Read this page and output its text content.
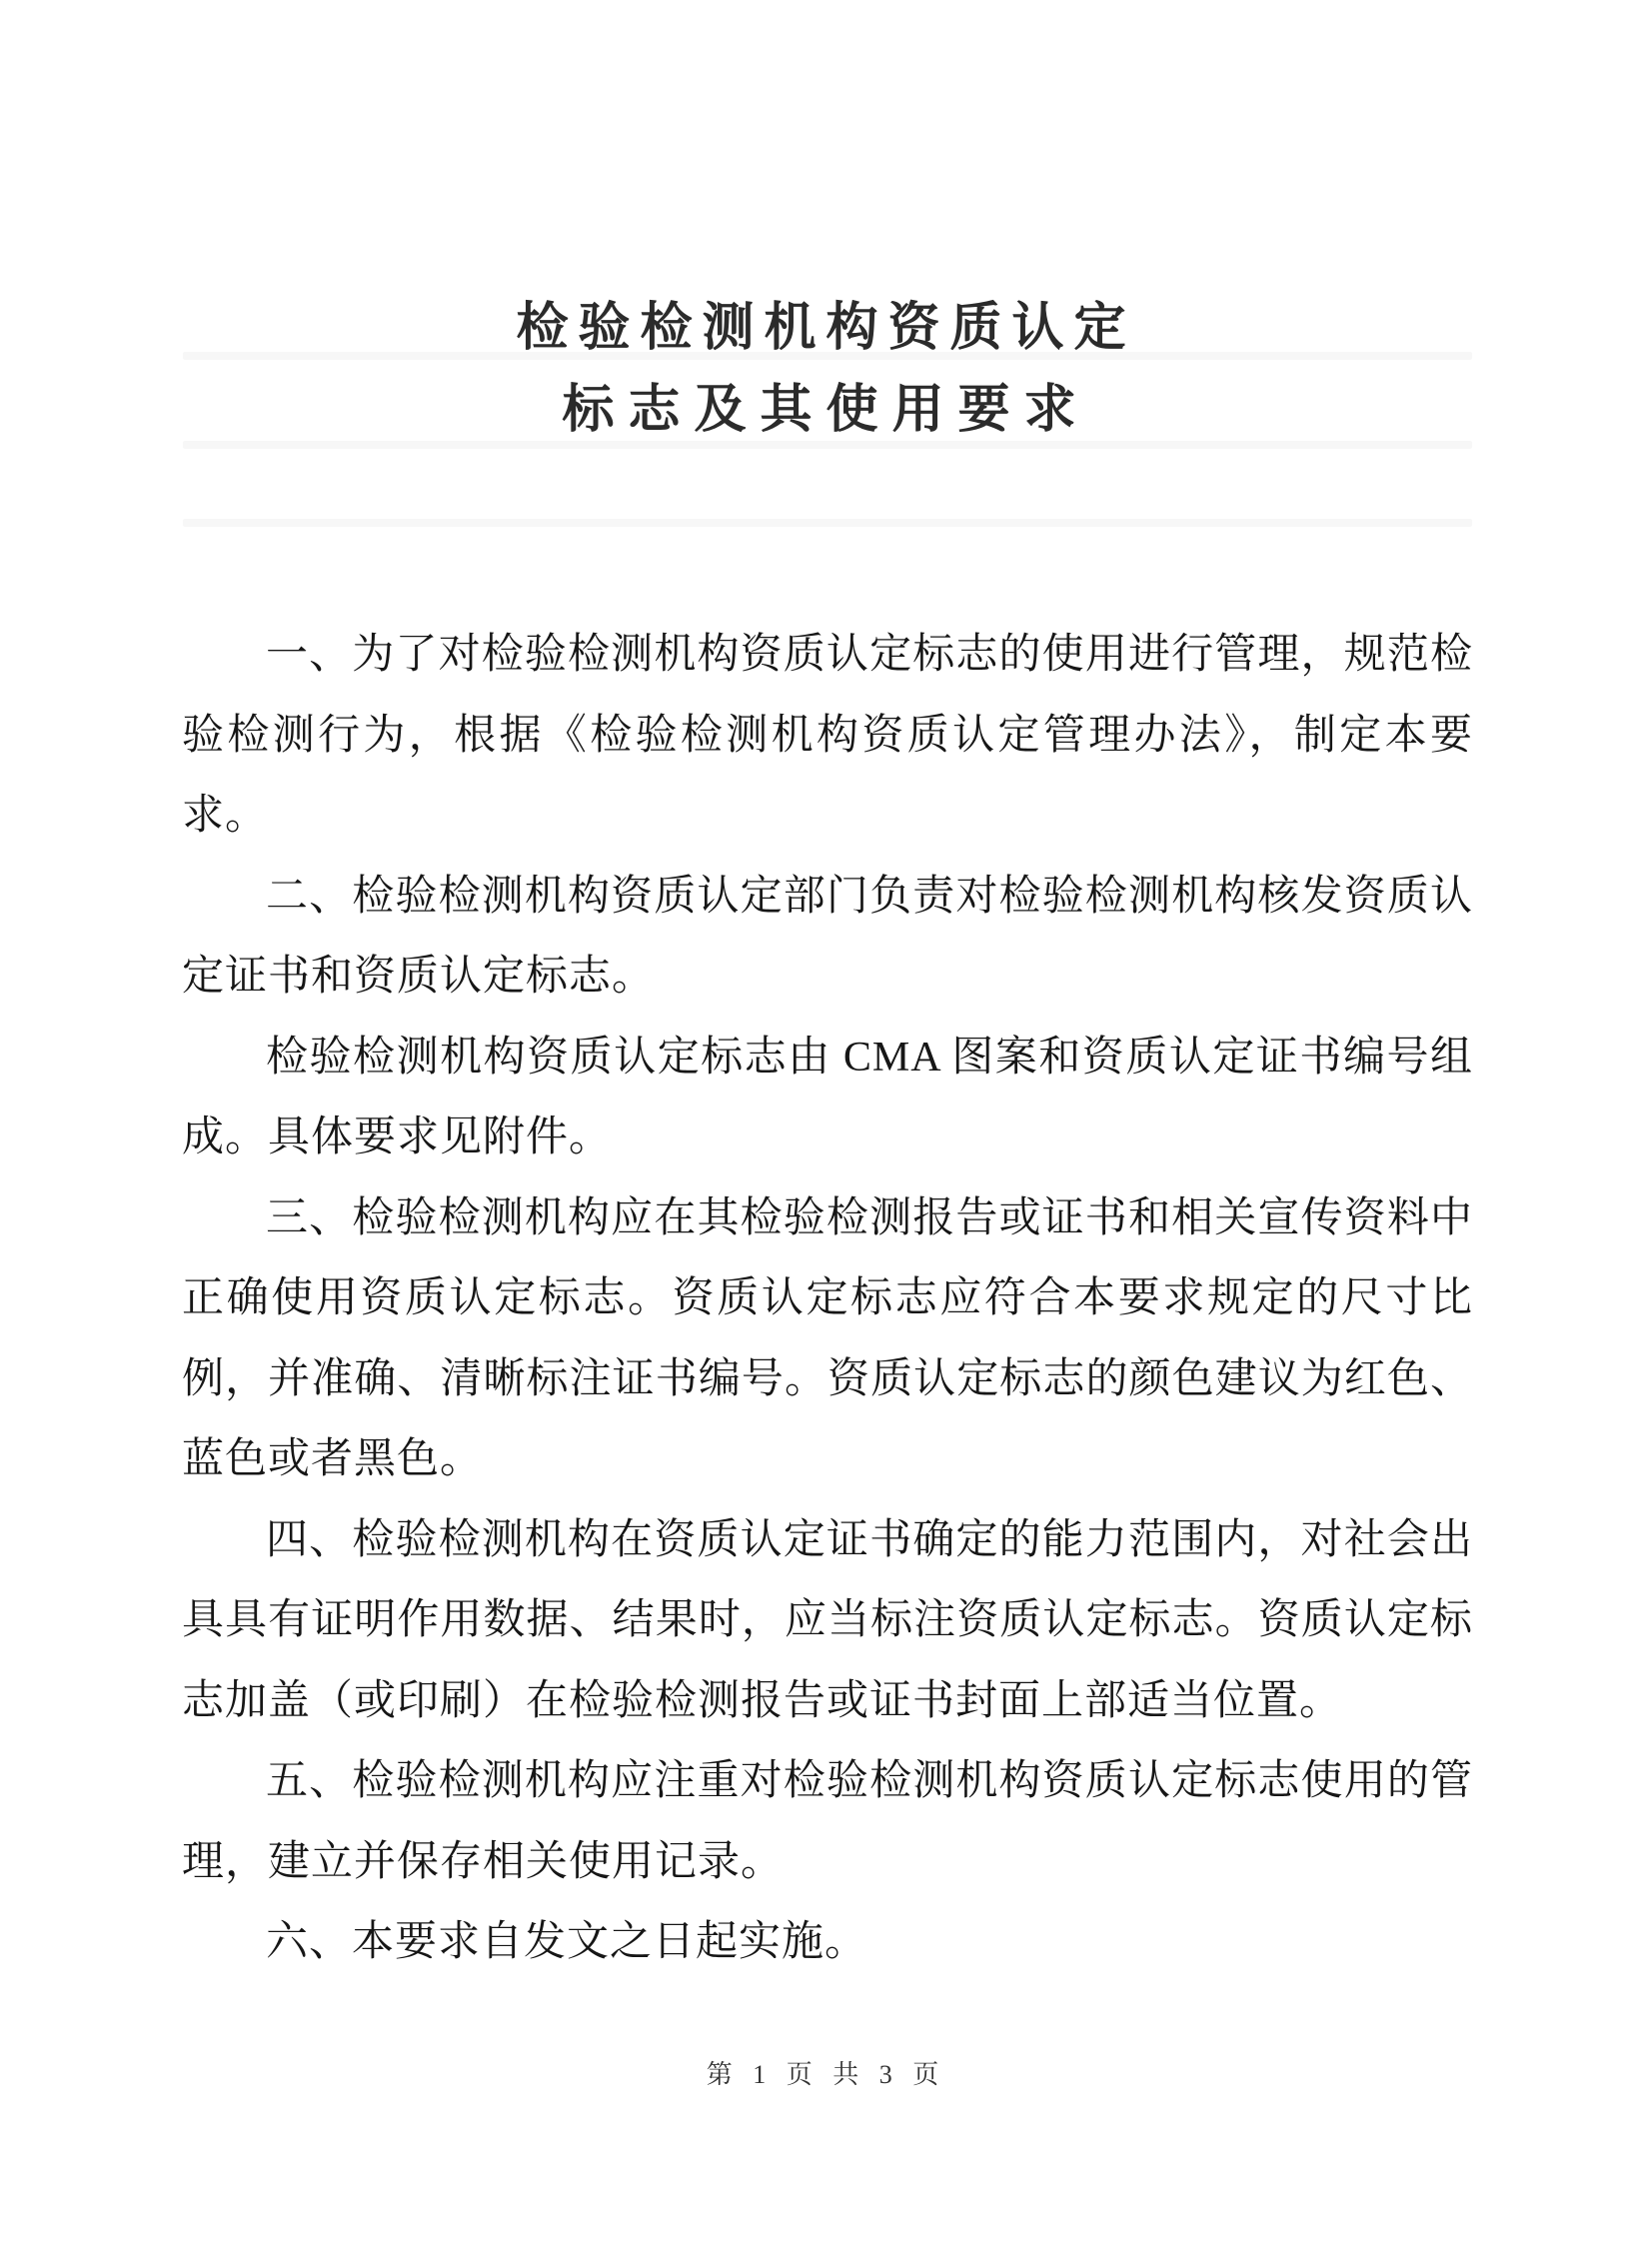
检验检测机构资质认定
标志及其使用要求

一、为了对检验检测机构资质认定标志的使用进行管理，规范检验检测行为，根据《检验检测机构资质认定管理办法》，制定本要求。

二、检验检测机构资质认定部门负责对检验检测机构核发资质认定证书和资质认定标志。

检验检测机构资质认定标志由 CMA 图案和资质认定证书编号组成。具体要求见附件。

三、检验检测机构应在其检验检测报告或证书和相关宣传资料中正确使用资质认定标志。资质认定标志应符合本要求规定的尺寸比例，并准确、清晰标注证书编号。资质认定标志的颜色建议为红色、蓝色或者黑色。

四、检验检测机构在资质认定证书确定的能力范围内，对社会出具具有证明作用数据、结果时，应当标注资质认定标志。资质认定标志加盖（或印刷）在检验检测报告或证书封面上部适当位置。

五、检验检测机构应注重对检验检测机构资质认定标志使用的管理，建立并保存相关使用记录。

六、本要求自发文之日起实施。

第 1 页 共 3 页
